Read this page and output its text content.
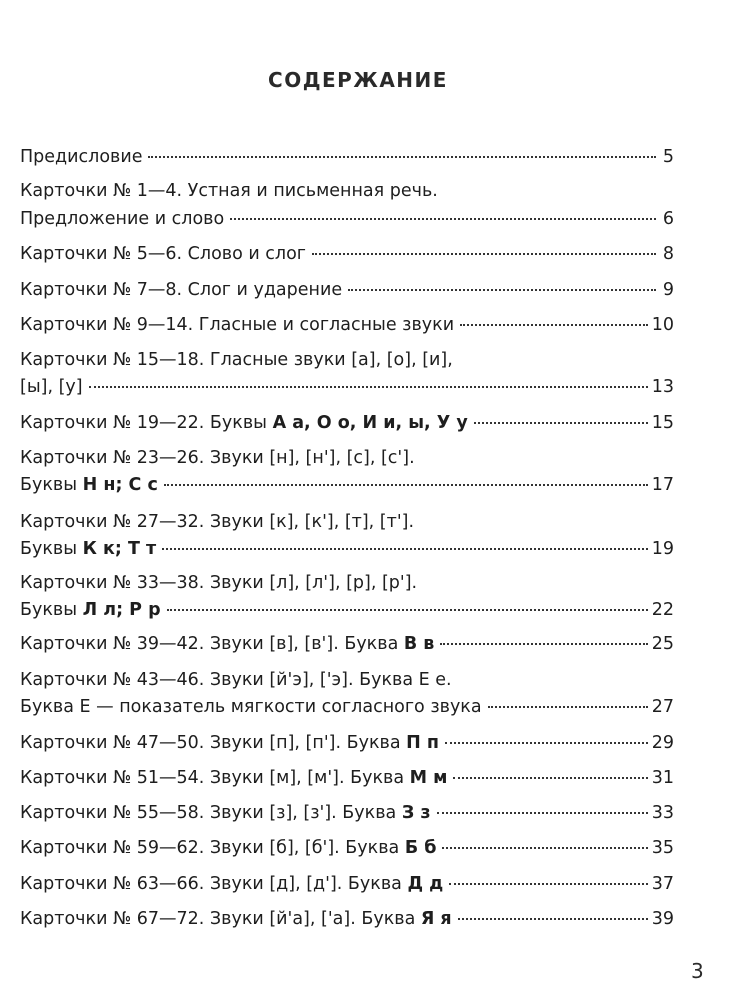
СОДЕРЖАНИЕ
Предисловие	5
Карточки № 1—4. Устная и письменная речь.
Предложение и слово	6
Карточки № 5—6. Слово и слог	8
Карточки № 7—8. Слог и ударение	9
Карточки № 9—14. Гласные и согласные звуки	10
Карточки № 15—18. Гласные звуки [а], [о], [и],
[ы], [у]	13
Карточки № 19—22. Буквы А а, О о, И и, ы, У у	15
Карточки № 23—26. Звуки [н], [н'], [с], [с'].
Буквы Н н; С с	17
Карточки № 27—32. Звуки [к], [к'], [т], [т'].
Буквы К к; Т т	19
Карточки № 33—38. Звуки [л], [л'], [р], [р'].
Буквы Л л; Р р	22
Карточки № 39—42. Звуки [в], [в']. Буква В в	25
Карточки № 43—46. Звуки [й'э], ['э]. Буква Е е.
Буква Е — показатель мягкости согласного звука	27
Карточки № 47—50. Звуки [п], [п']. Буква П п	29
Карточки № 51—54. Звуки [м], [м']. Буква М м	31
Карточки № 55—58. Звуки [з], [з']. Буква З з	33
Карточки № 59—62. Звуки [б], [б']. Буква Б б	35
Карточки № 63—66. Звуки [д], [д']. Буква Д д	37
Карточки № 67—72. Звуки [й'а], ['а]. Буква Я я	39
3
